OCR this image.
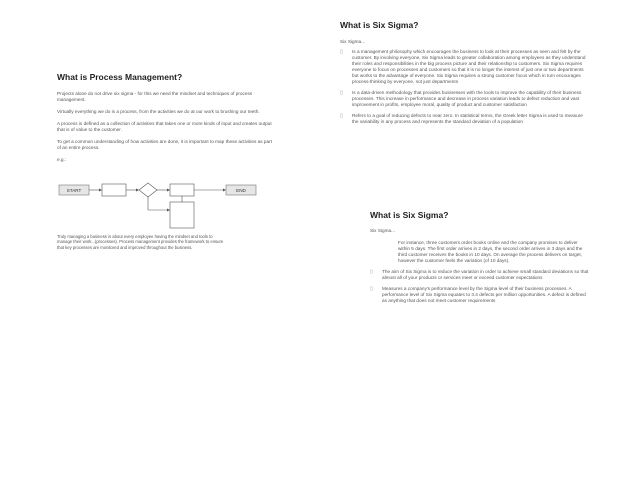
What is Process Management?

Projects alone do not drive six sigma - for this we need the mindset and techniques of process management.

Virtually everything we do is a process, from the activities we do at our work to brushing our teeth.

A process is defined as a collection of activities that takes one or more kinds of input and creates output that is of value to the customer.

To get a common understanding of how activities are done, it is important to map these activities as part of an entire process.

e.g.:

START	END
Truly managing a business is about every employee having the mindset and tools to manage their work...(processes). Process management provides the framework to ensure that key processes are monitored and improved throughout the business.
What is Six Sigma?
Six Sigma...
▯	Is a management philosophy which encourages the business to look at their processes as seen and felt by the customer. By involving everyone, Six Sigma leads to greater collaboration among employees as they understand their roles and responsibilities in the big process picture and their relationship to customers. Six Sigma requires everyone to focus on processes and customers so that it is no longer the interest of just one or two departments but works to the advantage of everyone. Six Sigma requires a strong customer focus which in turn encourages process-thinking by everyone, not just departments
▯	Is a data-driven methodology that provides businesses with the tools to improve the capability of their business processes. This increase in performance and decrease in process variation leads to defect reduction and vast improvement in profits, employee moral, quality of product and customer satisfaction
▯	Refers to a goal of reducing defects to near zero. In statistical terms, the Greek letter Sigma is used to measure the variability in any process and represents the standard deviation of a population
What is Six Sigma?
Six Sigma...
For instance, three customers order books online and the company promises to deliver within 5 days. The first order arrives in 2 days, the second order arrives in 3 days and the third customer receives the books in 10 days. On average the process delivers on target, however the customer feels the variation (of 10 days).
▯	The aim of Six Sigma is to reduce the variation in order to achieve small standard deviations so that almost all of your products or services meet or exceed customer expectations
▯	Measures a company's performance level by the Sigma level of their business processes. A performance level of Six Sigma equates to 3.4 defects per million opportunities. A defect is defined as anything that does not meet customer requirements
